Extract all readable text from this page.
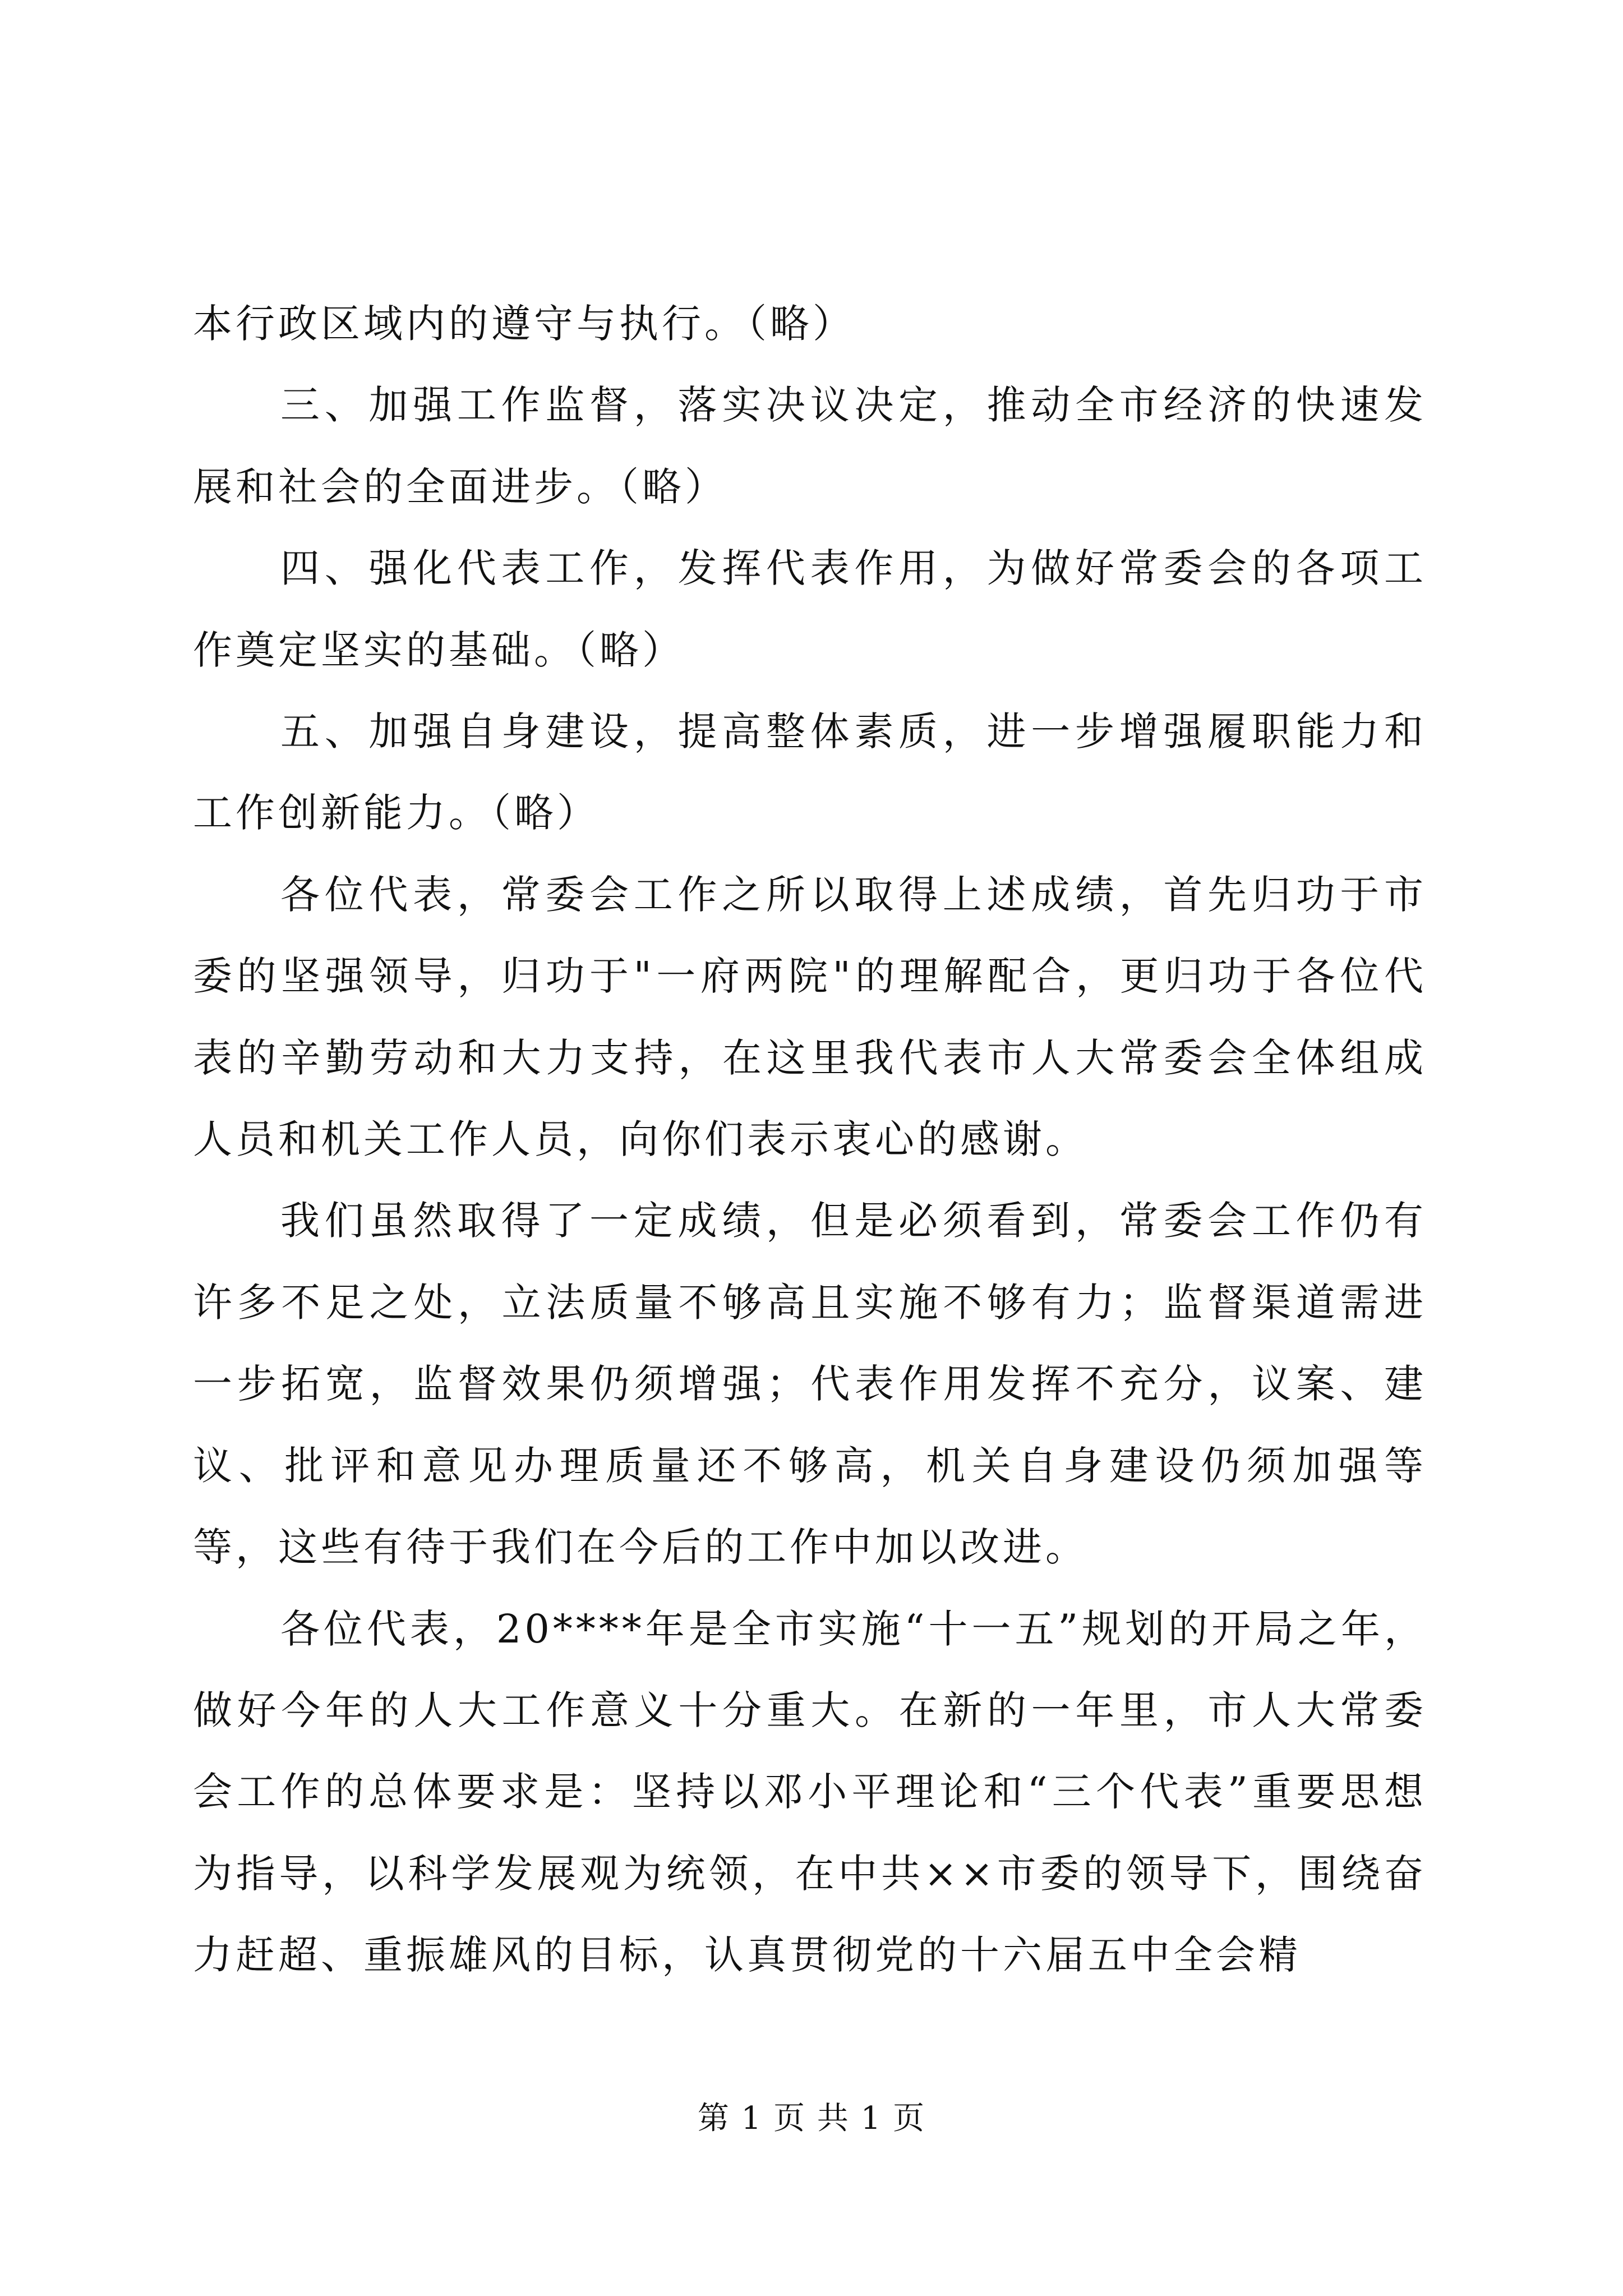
本行政区域内的遵守与执行。（略）

三、加强工作监督，落实决议决定，推动全市经济的快速发展和社会的全面进步。（略）

四、强化代表工作，发挥代表作用，为做好常委会的各项工作奠定坚实的基础。（略）

五、加强自身建设，提高整体素质，进一步增强履职能力和工作创新能力。（略）

各位代表，常委会工作之所以取得上述成绩，首先归功于市委的坚强领导，归功于"一府两院"的理解配合，更归功于各位代表的辛勤劳动和大力支持，在这里我代表市人大常委会全体组成人员和机关工作人员，向你们表示衷心的感谢。

我们虽然取得了一定成绩，但是必须看到，常委会工作仍有许多不足之处，立法质量不够高且实施不够有力；监督渠道需进一步拓宽，监督效果仍须增强；代表作用发挥不充分，议案、建议、批评和意见办理质量还不够高，机关自身建设仍须加强等等，这些有待于我们在今后的工作中加以改进。

各位代表，20****年是全市实施“十一五”规划的开局之年，做好今年的人大工作意义十分重大。在新的一年里，市人大常委会工作的总体要求是：坚持以邓小平理论和“三个代表”重要思想为指导，以科学发展观为统领，在中共××市委的领导下，围绕奋力赶超、重振雄风的目标，认真贯彻党的十六届五中全会精

第 1 页 共 1 页
